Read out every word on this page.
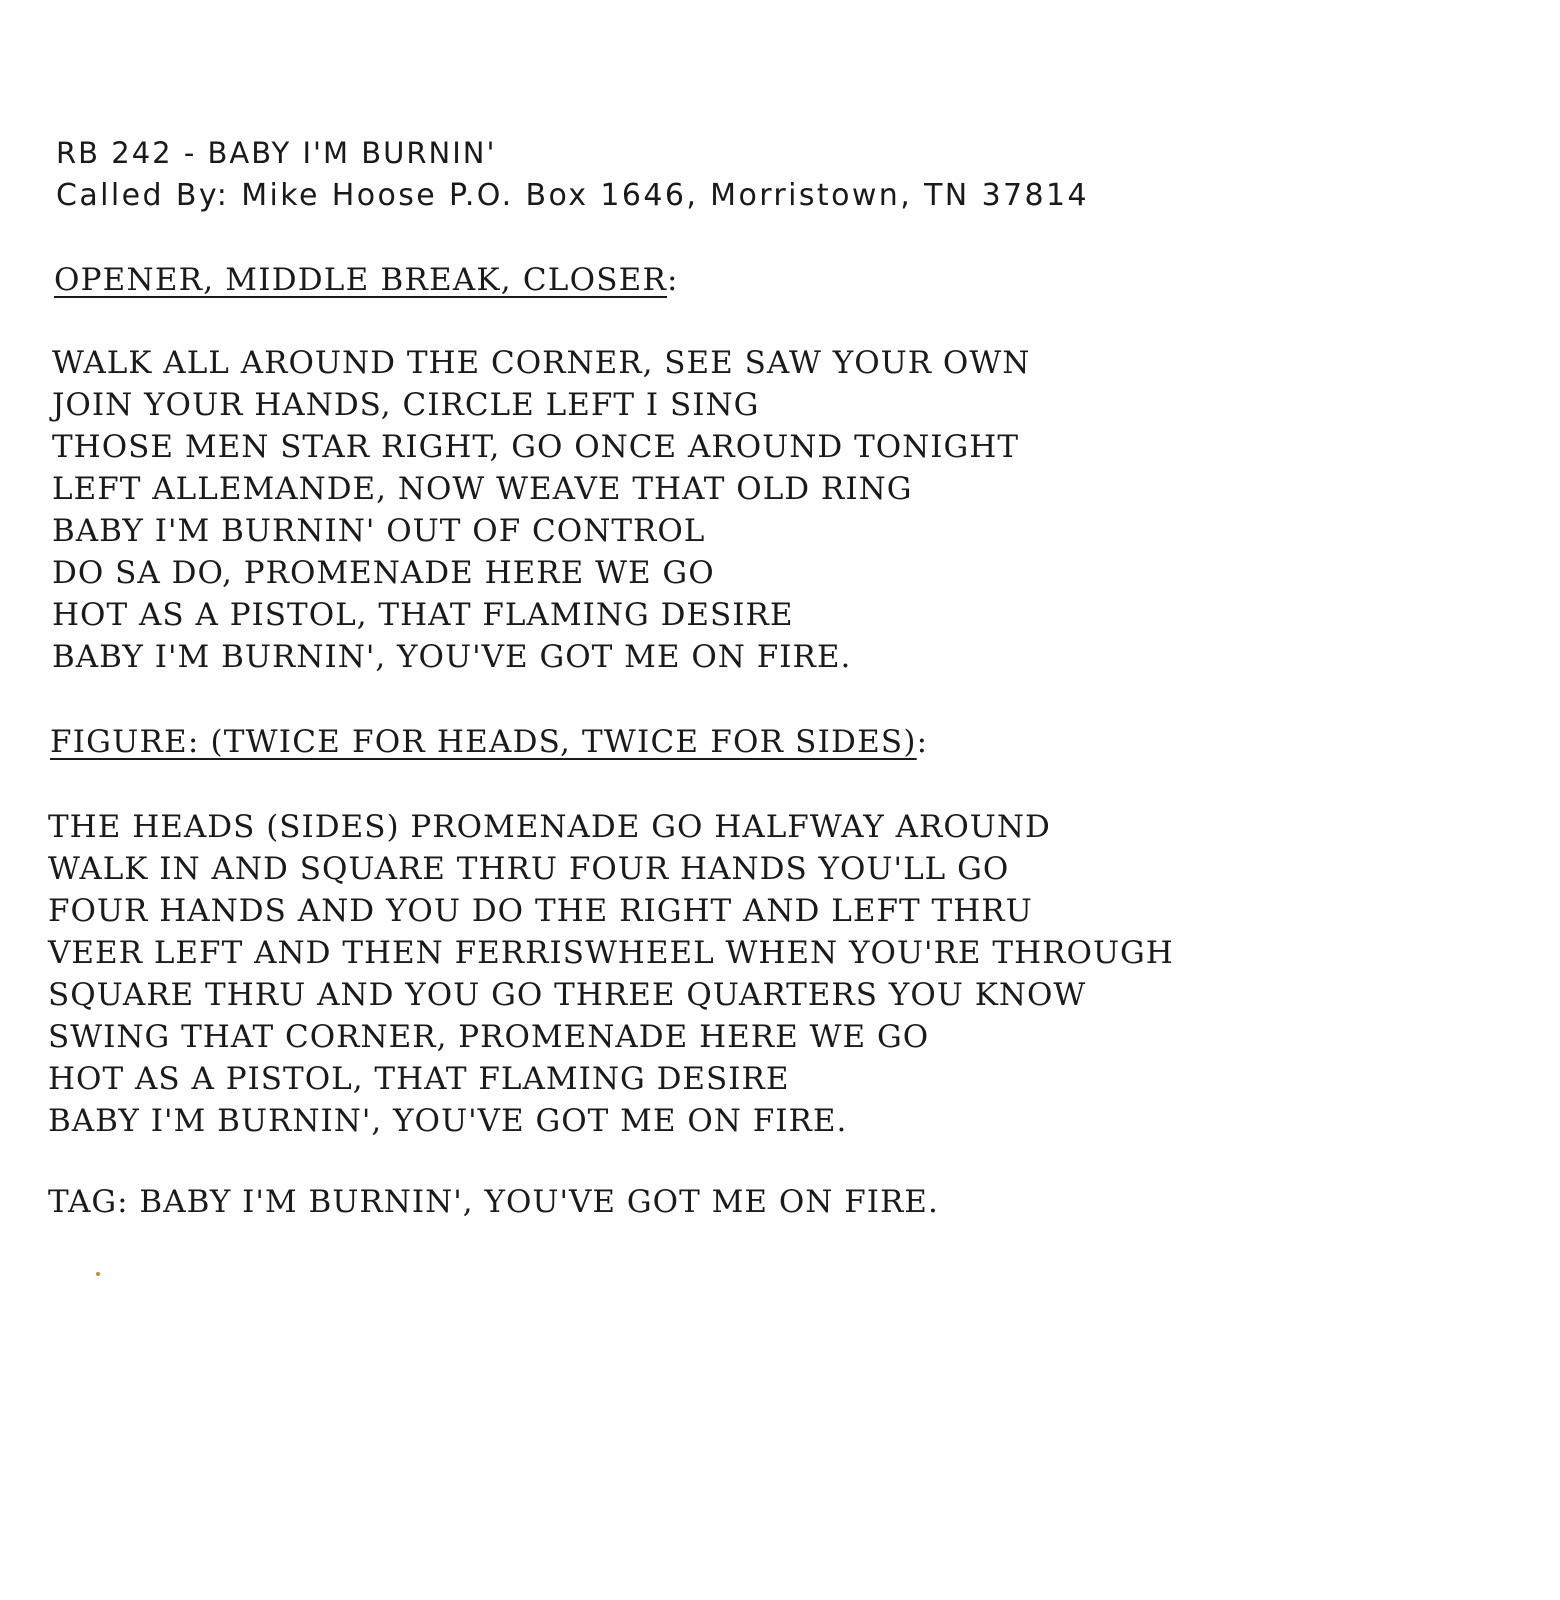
RB 242 - BABY I'M BURNIN'
Called By: Mike Hoose P.O. Box 1646, Morristown, TN 37814
OPENER, MIDDLE BREAK, CLOSER:
WALK ALL AROUND THE CORNER, SEE SAW YOUR OWN
JOIN YOUR HANDS, CIRCLE LEFT I SING
THOSE MEN STAR RIGHT, GO ONCE AROUND TONIGHT
LEFT ALLEMANDE, NOW WEAVE THAT OLD RING
BABY I'M BURNIN' OUT OF CONTROL
DO SA DO, PROMENADE HERE WE GO
HOT AS A PISTOL, THAT FLAMING DESIRE
BABY I'M BURNIN', YOU'VE GOT ME ON FIRE.
FIGURE: (TWICE FOR HEADS, TWICE FOR SIDES):
THE HEADS (SIDES) PROMENADE GO HALFWAY AROUND
WALK IN AND SQUARE THRU FOUR HANDS YOU'LL GO
FOUR HANDS AND YOU DO THE RIGHT AND LEFT THRU
VEER LEFT AND THEN FERRISWHEEL WHEN YOU'RE THROUGH
SQUARE THRU AND YOU GO THREE QUARTERS YOU KNOW
SWING THAT CORNER, PROMENADE HERE WE GO
HOT AS A PISTOL, THAT FLAMING DESIRE
BABY I'M BURNIN', YOU'VE GOT ME ON FIRE.
TAG: BABY I'M BURNIN', YOU'VE GOT ME ON FIRE.
